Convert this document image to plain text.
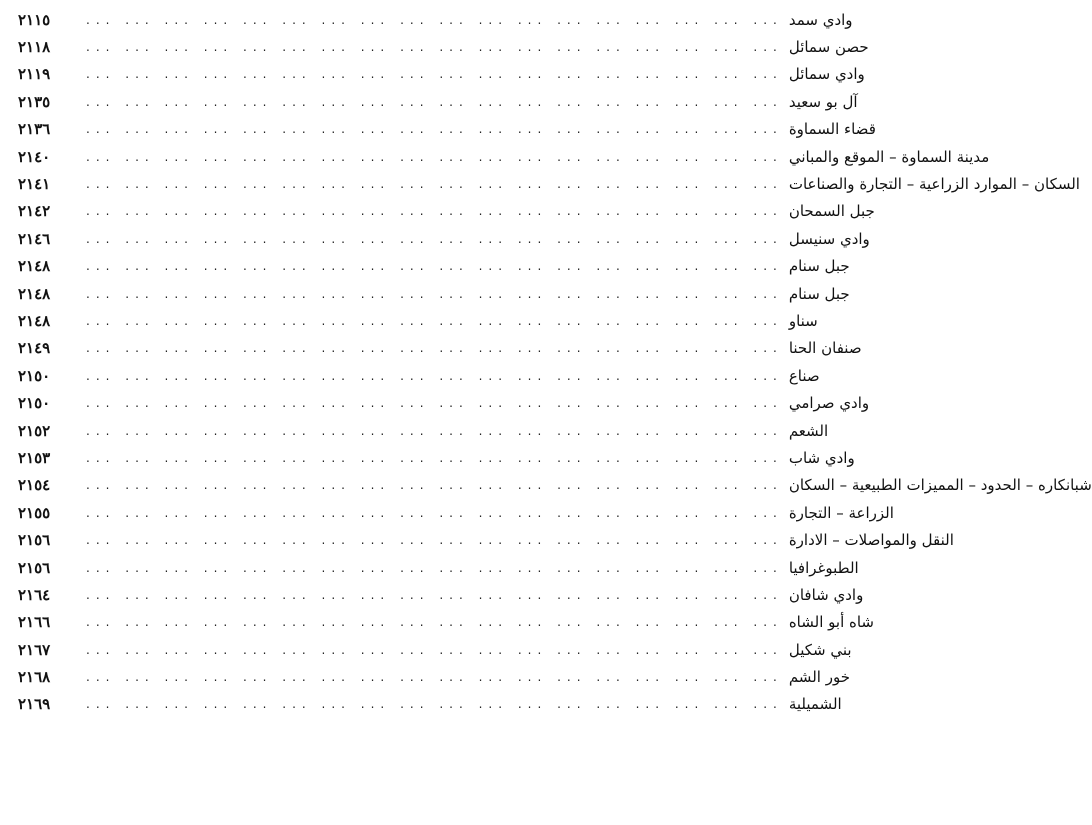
٢١١٥	... ... ... ... ... ... ... ... ... ... ... ... ... ... ... ... ... ... وادي سمد
٢١١٨	... ... ... ... ... ... ... ... ... ... ... ... ... ... ... ... ... ... حصن سمائل
٢١١٩	... ... ... ... ... ... ... ... ... ... ... ... ... ... ... ... ... ... وادي سمائل
٢١٣٥	... ... ... ... ... ... ... ... ... ... ... ... ... ... ... ... ... ... آل بو سعيد
٢١٣٦	... ... ... ... ... ... ... ... ... ... ... ... ... ... ... ... ... ... قضاء السماوة
٢١٤٠	... ... ... ... ... ... ... ... ... ... ... ... ... ... ... ... ... ... مدينة السماوة – الموقع والمباني
٢١٤١	... ... ... ... ... ... ... ... ... ... ... ... ... ... ... ... ... ... السكان – الموارد الزراعية – التجارة والصناعات
٢١٤٢	... ... ... ... ... ... ... ... ... ... ... ... ... ... ... ... ... ... جبل السمحان
٢١٤٦	... ... ... ... ... ... ... ... ... ... ... ... ... ... ... ... ... ... وادي سنيسل
٢١٤٨	... ... ... ... ... ... ... ... ... ... ... ... ... ... ... ... ... ... جبل سنام
٢١٤٨	... ... ... ... ... ... ... ... ... ... ... ... ... ... ... ... ... ... جبل سنام
٢١٤٨	... ... ... ... ... ... ... ... ... ... ... ... ... ... ... ... ... ... سناو
٢١٤٩	... ... ... ... ... ... ... ... ... ... ... ... ... ... ... ... ... ... صنفان الحنا
٢١٥٠	... ... ... ... ... ... ... ... ... ... ... ... ... ... ... ... ... ... صناع
٢١٥٠	... ... ... ... ... ... ... ... ... ... ... ... ... ... ... ... ... ... وادي صرامي
٢١٥٢	... ... ... ... ... ... ... ... ... ... ... ... ... ... ... ... ... ... الشعم
٢١٥٣	... ... ... ... ... ... ... ... ... ... ... ... ... ... ... ... ... ... وادي شاب
٢١٥٤	... ... ... ... ... ... ... ... ... ... ... ... ... ... ... ... ... ... شبانكاره – الحدود – المميزات الطبيعية – السكان
٢١٥٥	... ... ... ... ... ... ... ... ... ... ... ... ... ... ... ... ... ... الزراعة – التجارة
٢١٥٦	... ... ... ... ... ... ... ... ... ... ... ... ... ... ... ... ... ... النقل والمواصلات – الادارة
٢١٥٦	... ... ... ... ... ... ... ... ... ... ... ... ... ... ... ... ... ... الطبوغرافيا
٢١٦٤	... ... ... ... ... ... ... ... ... ... ... ... ... ... ... ... ... ... وادي شافان
٢١٦٦	... ... ... ... ... ... ... ... ... ... ... ... ... ... ... ... ... ... شاه أبو الشاه
٢١٦٧	... ... ... ... ... ... ... ... ... ... ... ... ... ... ... ... ... ... بني شكيل
٢١٦٨	... ... ... ... ... ... ... ... ... ... ... ... ... ... ... ... ... ... خور الشم
٢١٦٩	... ... ... ... ... ... ... ... ... ... ... ... ... ... ... ... ... ... الشميلية
